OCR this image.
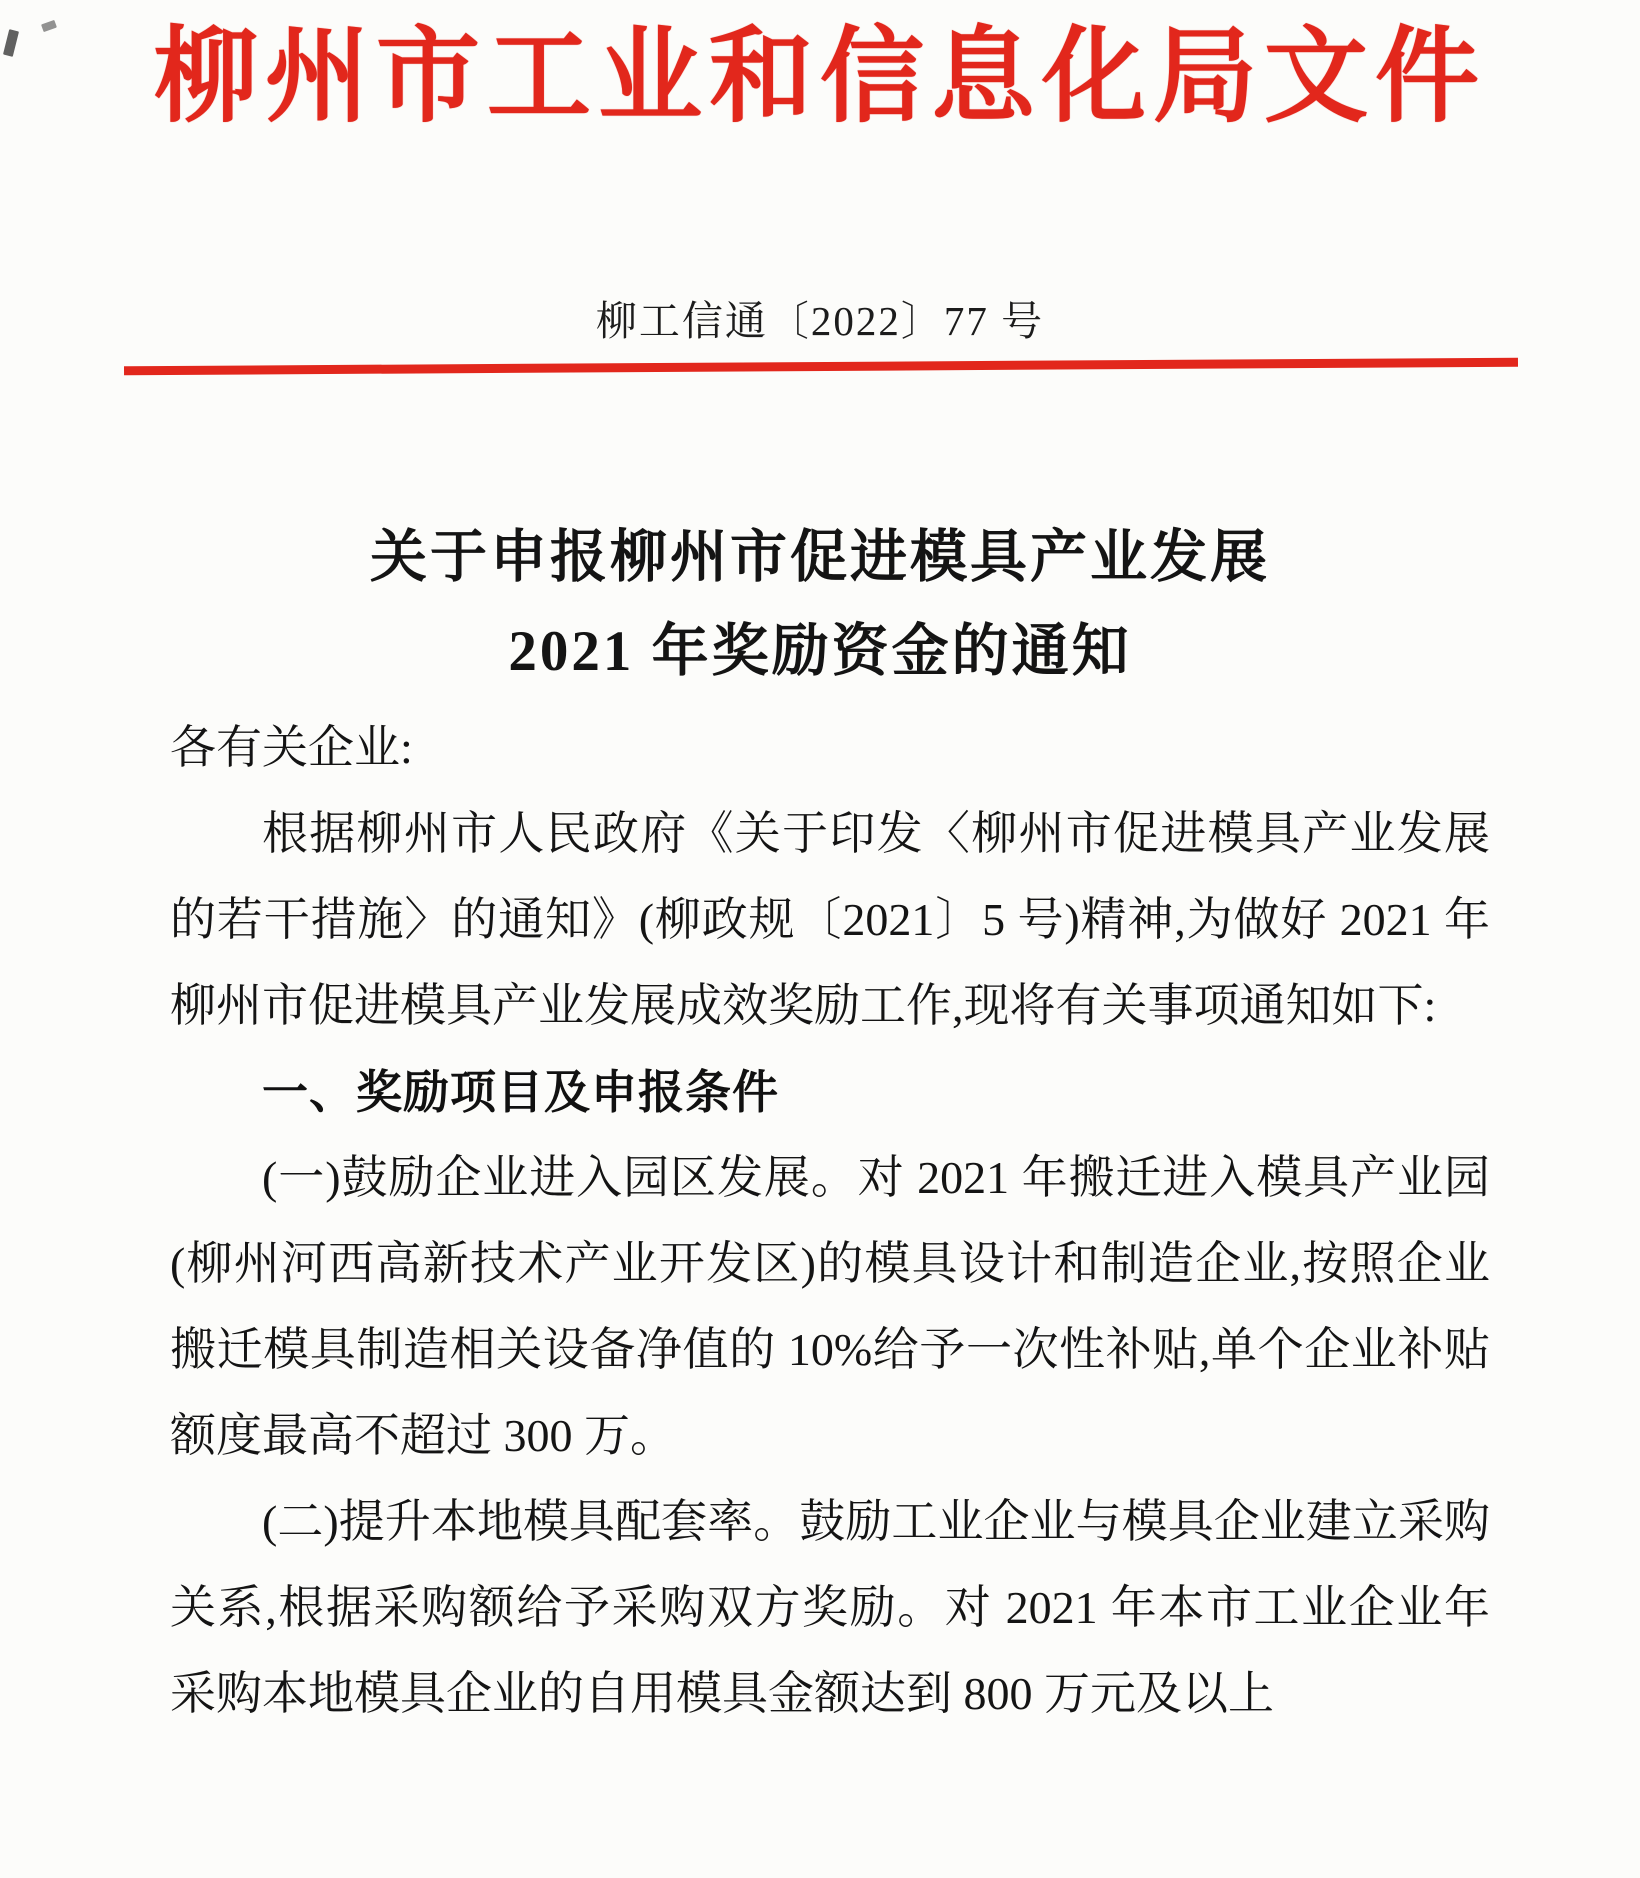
柳州市工业和信息化局文件
柳工信通〔2022〕77 号
关于申报柳州市促进模具产业发展
2021 年奖励资金的通知

各有关企业:

根据柳州市人民政府《关于印发〈柳州市促进模具产业发展的若干措施〉的通知》(柳政规〔2021〕5 号)精神,为做好 2021 年柳州市促进模具产业发展成效奖励工作,现将有关事项通知如下:

一、奖励项目及申报条件

(一)鼓励企业进入园区发展。对 2021 年搬迁进入模具产业园(柳州河西高新技术产业开发区)的模具设计和制造企业,按照企业搬迁模具制造相关设备净值的 10%给予一次性补贴,单个企业补贴额度最高不超过 300 万。

(二)提升本地模具配套率。鼓励工业企业与模具企业建立采购关系,根据采购额给予采购双方奖励。对 2021 年本市工业企业年采购本地模具企业的自用模具金额达到 800 万元及以上
